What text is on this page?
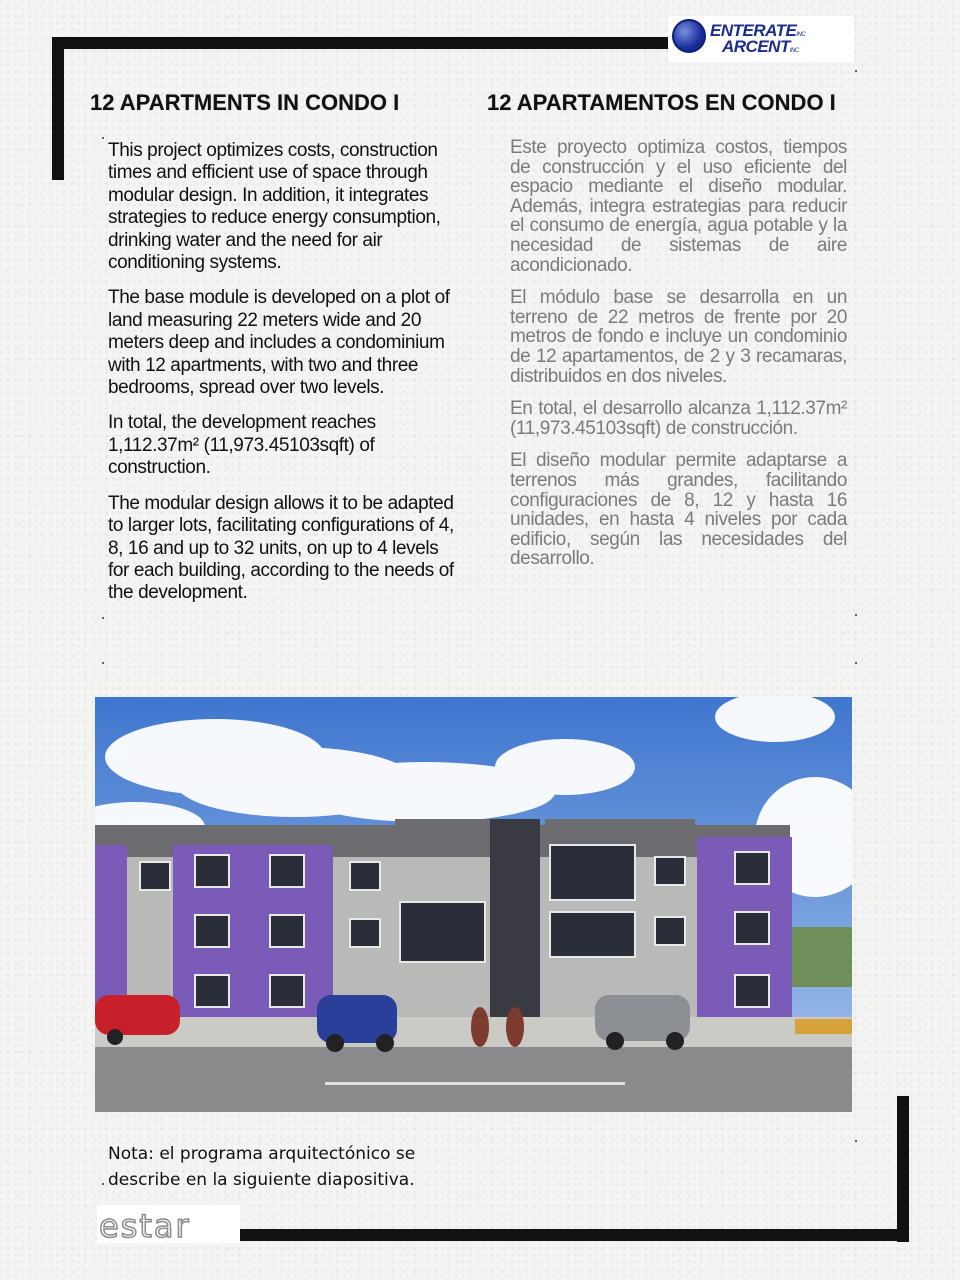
ENTERATEINC
ARCENTINC
12 APARTMENTS IN CONDO I	12 APARTAMENTOS EN CONDO I

This project optimizes costs, construction times and efficient use of space through modular design. In addition, it integrates strategies to reduce energy consumption, drinking water and the need for air conditioning systems.

The base module is developed on a plot of land measuring 22 meters wide and 20 meters deep and includes a condominium with 12 apartments, with two and three bedrooms, spread over two levels.

In total, the development reaches 1,112.37m² (11,973.45103sqft) of construction.

The modular design allows it to be adapted to larger lots, facilitating configurations of 4, 8, 16 and up to 32 units, on up to 4 levels for each building, according to the needs of the development.

Este proyecto optimiza costos, tiempos de construcción y el uso eficiente del espacio mediante el diseño modular. Además, integra estrategias para reducir el consumo de energía, agua potable y la necesidad de sistemas de aire acondicionado.

El módulo base se desarrolla en un terreno de 22 metros de frente por 20 metros de fondo e incluye un condominio de 12 apartamentos, de 2 y 3 recamaras, distribuidos en dos niveles.

En total, el desarrollo alcanza 1,112.37m² (11,973.45103sqft) de construcción.

El diseño modular permite adaptarse a terrenos más grandes, facilitando configuraciones de 8, 12 y hasta 16 unidades, en hasta 4 niveles por cada edificio, según las necesidades del desarrollo.

Nota: el programa arquitectónico se
describe en la siguiente diapositiva.
estar
